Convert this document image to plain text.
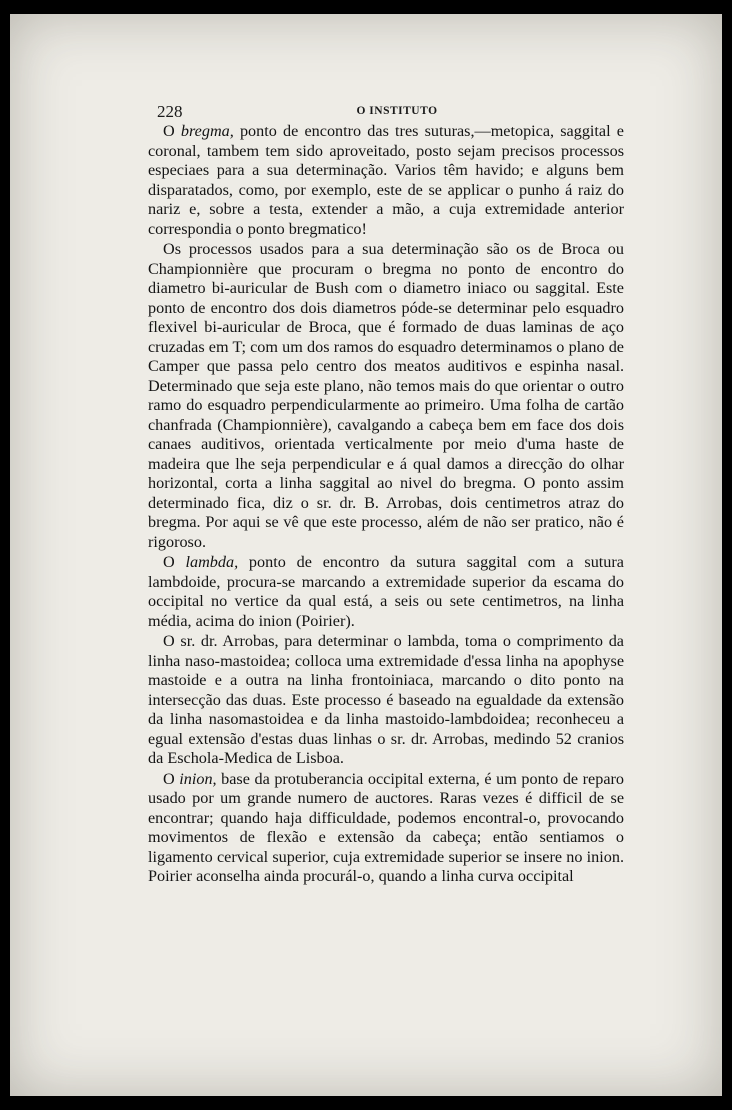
228	O INSTITUTO

O bregma, ponto de encontro das tres suturas,—metopica, saggital e coronal, tambem tem sido aproveitado, posto sejam precisos processos especiaes para a sua determinação. Varios têm havido; e alguns bem disparatados, como, por exemplo, este de se applicar o punho á raiz do nariz e, sobre a testa, extender a mão, a cuja extremidade anterior correspondia o ponto bregmatico!

Os processos usados para a sua determinação são os de Broca ou Championnière que procuram o bregma no ponto de encontro do diametro bi-auricular de Bush com o diametro iniaco ou saggital. Este ponto de encontro dos dois diametros póde-se determinar pelo esquadro flexivel bi-auricular de Broca, que é formado de duas laminas de aço cruzadas em T; com um dos ramos do esquadro determinamos o plano de Camper que passa pelo centro dos meatos auditivos e espinha nasal. Determinado que seja este plano, não temos mais do que orientar o outro ramo do esquadro perpendicularmente ao primeiro. Uma folha de cartão chanfrada (Championnière), cavalgando a cabeça bem em face dos dois canaes auditivos, orientada verticalmente por meio d'uma haste de madeira que lhe seja perpendicular e á qual damos a direcção do olhar horizontal, corta a linha saggital ao nivel do bregma. O ponto assim determinado fica, diz o sr. dr. B. Arrobas, dois centimetros atraz do bregma. Por aqui se vê que este processo, além de não ser pratico, não é rigoroso.

O lambda, ponto de encontro da sutura saggital com a sutura lambdoide, procura-se marcando a extremidade superior da escama do occipital no vertice da qual está, a seis ou sete centimetros, na linha média, acima do inion (Poirier).

O sr. dr. Arrobas, para determinar o lambda, toma o comprimento da linha naso-mastoidea; colloca uma extremidade d'essa linha na apophyse mastoide e a outra na linha frontoiniaca, marcando o dito ponto na intersecção das duas. Este processo é baseado na egualdade da extensão da linha nasomastoidea e da linha mastoido-lambdoidea; reconheceu a egual extensão d'estas duas linhas o sr. dr. Arrobas, medindo 52 cranios da Eschola-Medica de Lisboa.

O inion, base da protuberancia occipital externa, é um ponto de reparo usado por um grande numero de auctores. Raras vezes é difficil de se encontrar; quando haja difficuldade, podemos encontral-o, provocando movimentos de flexão e extensão da cabeça; então sentiamos o ligamento cervical superior, cuja extremidade superior se insere no inion. Poirier aconselha ainda procurál-o, quando a linha curva occipital
